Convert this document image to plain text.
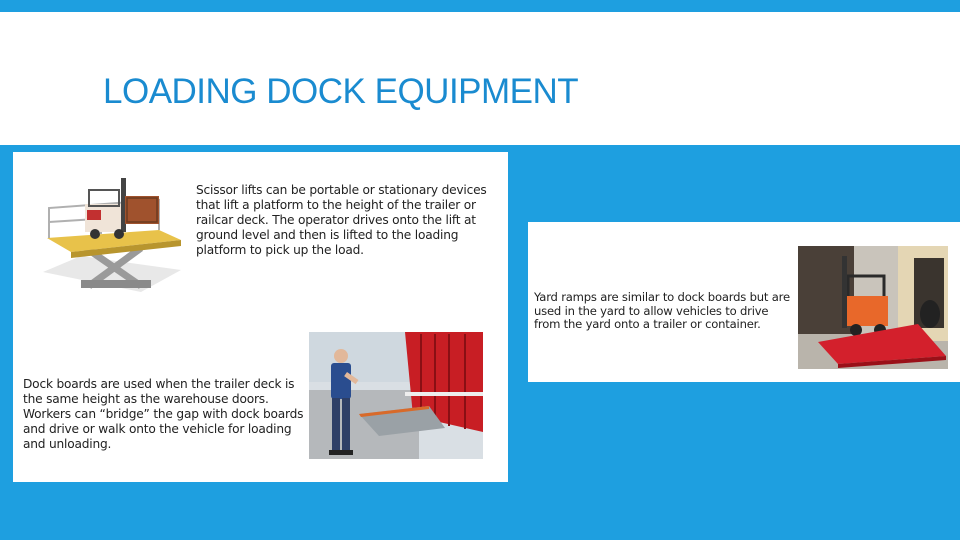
LOADING DOCK EQUIPMENT
Scissor lifts can be portable or stationary devices that lift a platform to the height of the trailer or railcar deck. The operator drives onto the lift at ground level and then is lifted to the loading platform to pick up the load.
Dock boards are used when the trailer deck is the same height as the warehouse doors. Workers can “bridge” the gap with dock boards and drive or walk onto the vehicle for loading and unloading.
Yard ramps are similar to dock boards but are used in the yard to allow vehicles to drive from the yard onto a trailer or container.
